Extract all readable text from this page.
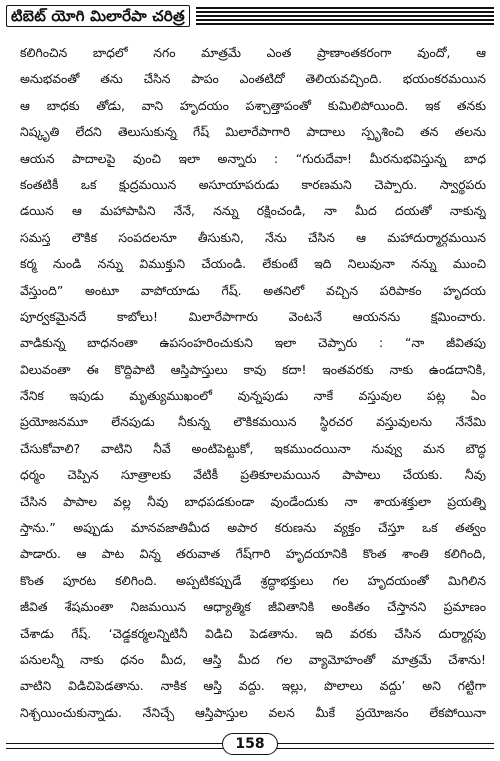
టిబెట్ యోగి మిలారేపా చరిత్ర
కలిగించిన బాధలో నగం మాత్రమే ఎంత ప్రాణాంతకరంగా వుందో, ఆ
అనుభవంతో తను చేసిన పాపం ఎంతటిదో తెలియవచ్చింది. భయంకరమయిన
ఆ బాధకు తోడు, వాని హృదయం పశ్చాత్తాపంతో కుమిలిపోయింది. ఇక తనకు
నిష్కృతి లేదని తెలుసుకున్న గేష్ మిలారేపాగారి పాదాలు స్పృశించి తన తలను
ఆయన పాదాలపై వుంచి ఇలా అన్నారు : “గురుదేవా! మీరనుభవిస్తున్న బాధ
కంతటికీ ఒక క్షుద్రమయిన అసూయాపరుడు కారణమని చెప్పారు. స్వార్థపరు
డయిన ఆ మహాపాపిని నేనే, నన్ను రక్షించండి, నా మీద దయతో నాకున్న
సమస్త లౌకిక సంపదలనూ తీసుకుని, నేను చేసిన ఆ మహాదుర్మార్గమయిన
కర్మ నుండి నన్ను విముక్తుని చేయండి. లేకుంటే ఇది నిలువునా నన్ను ముంచి
వేస్తుంది” అంటూ వాపోయాడు గేష్. అతనిలో వచ్చిన పరిపాకం హృదయ
పూర్వకమైనదే కాబోలు! మిలారేపాగారు వెంటనే ఆయనను క్షమించారు.
వాడికున్న బాధనంతా ఉపసంహరించుకుని ఇలా చెప్పారు : “నా జీవితపు
విలువంతా ఈ కొద్దిపాటి ఆస్తిపాస్తులు కావు కదా! ఇంతవరకు నాకు ఉండదానికి,
నేనిక ఇపుడు మృత్యుముఖంలో వున్నపుడు నాకే వస్తువుల పట్ల ఏం
ప్రయోజనమూ లేనపుడు నీకున్న లౌకికమయిన స్థిరచర వస్తువులను నేనేమి
చేసుకోవాలి? వాటిని నీవే అంటిపెట్టుకో, ఇకముందయినా నువ్వు మన బౌద్ధ
ధర్మం చెప్పిన సూత్రాలకు వేటికీ ప్రతికూలమయిన పాపాలు చేయకు. నీవు
చేసిన పాపాల వల్ల నీవు బాధపడకుండా వుండేందుకు నా శాయశక్తులా ప్రయత్ని
స్తాను.” అప్పుడు మానవజాతిమీద అపార కరుణను వ్యక్తం చేస్తూ ఒక తత్వం
పాడారు. ఆ పాట విన్న తరువాత గేష్‌గారి హృదయానికి కొంత శాంతి కలిగింది,
కొంత పూరట కలిగింది. అప్పటికప్పుడే శ్రద్ధాభక్తులు గల హృదయంతో మిగిలిన
జీవిత శేషమంతా నిజమయిన ఆధ్యాత్మిక జీవితానికి అంకితం చేస్తానని ప్రమాణం
చేశాడు గేష్. ‘చెడ్డకర్మలన్నిటినీ విడిచి పెడతాను. ఇది వరకు చేసిన దుర్మార్గపు
పనులన్నీ నాకు ధనం మీద, ఆస్తి మీద గల వ్యామోహంతో మాత్రమే చేశాను!
వాటిని విడిచిపెడతాను. నాకిక ఆస్తి వద్దు. ఇల్లు, పొలాలు వద్దు’ అని గట్టిగా
నిశ్చయించుకున్నాడు. నేనిచ్చే ఆస్తిపాస్తుల వలన మీకే ప్రయోజనం లేకపోయినా
158
